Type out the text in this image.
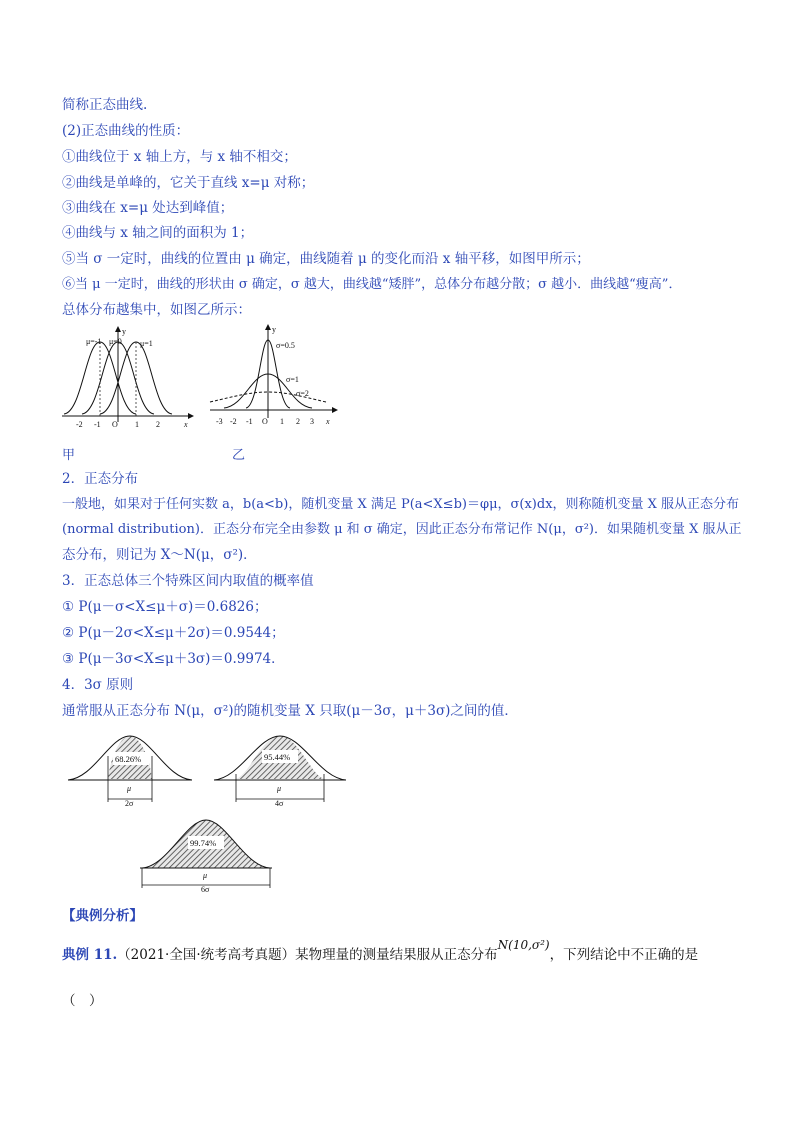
简称正态曲线.
(2)正态曲线的性质：
①曲线位于 x 轴上方，与 x 轴不相交；
②曲线是单峰的，它关于直线 x=μ 对称；
③曲线在 x=μ 处达到峰值；
④曲线与 x 轴之间的面积为 1；
⑤当 σ 一定时，曲线的位置由 μ 确定，曲线随着 μ 的变化而沿 x 轴平移，如图甲所示；
⑥当 μ 一定时，曲线的形状由 σ 确定，σ 越大，曲线越“矮胖”，总体分布越分散；σ 越小．曲线越“瘦高”．
总体分布越集中，如图乙所示：
y
μ=-1 μ=0 μ=1
-2 -1 O 1 2	x
甲
y
σ=0.5
σ=1
σ=2
-3 -2 -1 O 1 2 3 x
乙
2．正态分布
一般地，如果对于任何实数 a，b(a<b)，随机变量 X 满足 P(a<X≤b)＝φμ，σ(x)dx，则称随机变量 X 服从正态分布
(normal distribution)．正态分布完全由参数 μ 和 σ 确定，因此正态分布常记作 N(μ，σ²)．如果随机变量 X 服从正
态分布，则记为 X～N(μ，σ²)．
3．正态总体三个特殊区间内取值的概率值
① P(μ－σ<X≤μ＋σ)＝0.6826；
② P(μ－2σ<X≤μ＋2σ)＝0.9544；
③ P(μ－3σ<X≤μ＋3σ)＝0.9974．
4．3σ 原则
通常服从正态分布 N(μ，σ²)的随机变量 X 只取(μ－3σ，μ＋3σ)之间的值．
68.26%
μ
2σ
95.44%
μ
4σ
99.74%
μ
6σ
【典例分析】
典例 11.（2021·全国·统考高考真题）某物理量的测量结果服从正态分布N(10,σ²)，下列结论中不正确的是
（　）
